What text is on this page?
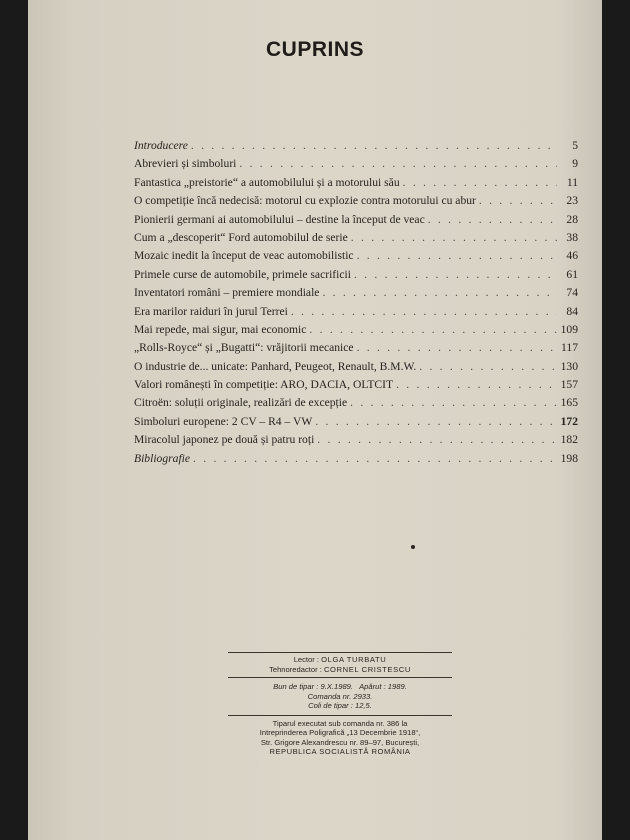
CUPRINS
Introducere . . .	5
Abrevieri și simboluri . . .	9
Fantastica „preistorie“ a automobilului și a motorului său . . .	11
O competiție încă nedecisă: motorul cu explozie contra motorului cu abur . . .	23
Pionierii germani ai automobilului – destine la început de veac . . .	28
Cum a „descoperit“ Ford automobilul de serie . . .	38
Mozaic inedit la început de veac automobilistic . . .	46
Primele curse de automobile, primele sacrificii . . .	61
Inventatori români – premiere mondiale . . .	74
Era marilor raiduri în jurul Terrei . . .	84
Mai repede, mai sigur, mai economic . . .	109
„Rolls-Royce“ și „Bugatti“: vrăjitorii mecanice . . .	117
O industrie de... unicate: Panhard, Peugeot, Renault, B.M.W. . . .	130
Valori românești în competiție: ARO, DACIA, OLTCIT . . .	157
Citroën: soluții originale, realizări de excepție . . .	165
Simboluri europene: 2 CV – R4 – VW . . .	172
Miracolul japonez pe două și patru roți . . .	182
Bibliografie . . .	198
Lector : OLGA TURBATU
Tehnoredactor : CORNEL CRISTESCU
Bun de tipar : 9.X.1989. Apărut : 1989.
Comanda nr. 2933.
Coli de tipar : 12,5.
Tiparul executat sub comanda nr. 386 la
Intreprinderea Poligrafică „13 Decembrie 1918“,
Str. Grigore Alexandrescu nr. 89–97, București,
REPUBLICA SOCIALISTĂ ROMÂNIA
